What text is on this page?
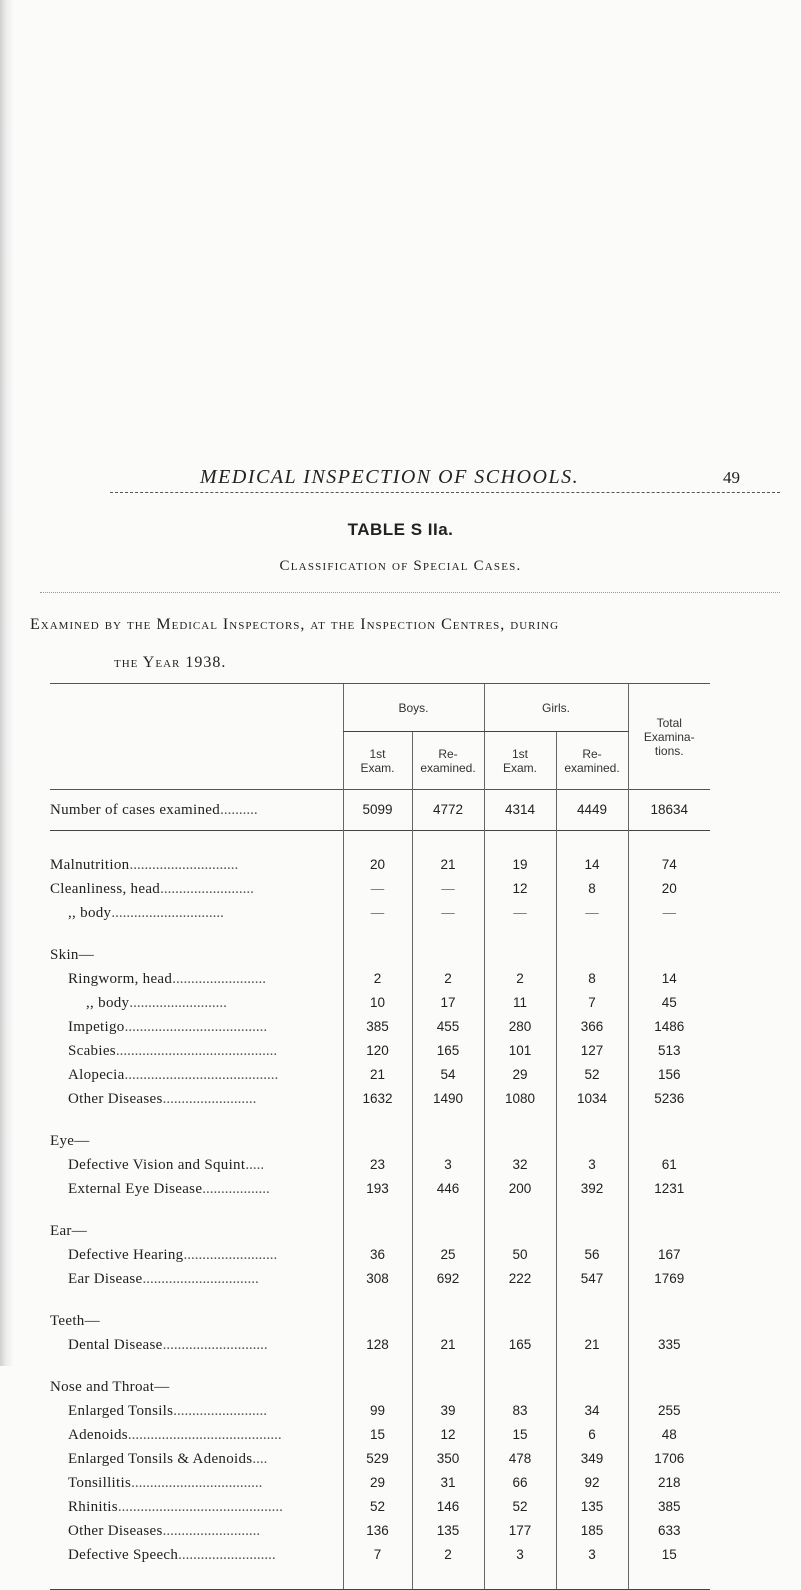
MEDICAL INSPECTION OF SCHOOLS.	49
TABLE S IIa.
Classification of Special Cases.
Examined by the Medical Inspectors, at the Inspection Centres, during
the Year 1938.
	Boys.		Girls.		Total Examina- tions.
	1st Exam.	Re- examined.	1st Exam.	Re- examined.	
Number of cases examined..........	5099	4772	4314	4449	18634

Malnutrition.............................	20	21	19	14	74
Cleanliness, head.........................	—	—	12	8	20
,, body..............................	—	—	—	—	—

Skin—					
Ringworm, head.........................	2	2	2	8	14
,, body..........................	10	17	11	7	45
Impetigo......................................	385	455	280	366	1486
Scabies...........................................	120	165	101	127	513
Alopecia.........................................	21	54	29	52	156
Other Diseases.........................	1632	1490	1080	1034	5236

Eye—					
Defective Vision and Squint.....	23	3	32	3	61
External Eye Disease..................	193	446	200	392	1231

Ear—					
Defective Hearing.........................	36	25	50	56	167
Ear Disease...............................	308	692	222	547	1769

Teeth—					
Dental Disease............................	128	21	165	21	335

Nose and Throat—					
Enlarged Tonsils.........................	99	39	83	34	255
Adenoids.........................................	15	12	15	6	48
Enlarged Tonsils & Adenoids....	529	350	478	349	1706
Tonsillitis...................................	29	31	66	92	218
Rhinitis............................................	52	146	52	135	385
Other Diseases..........................	136	135	177	185	633
Defective Speech..........................	7	2	3	3	15
